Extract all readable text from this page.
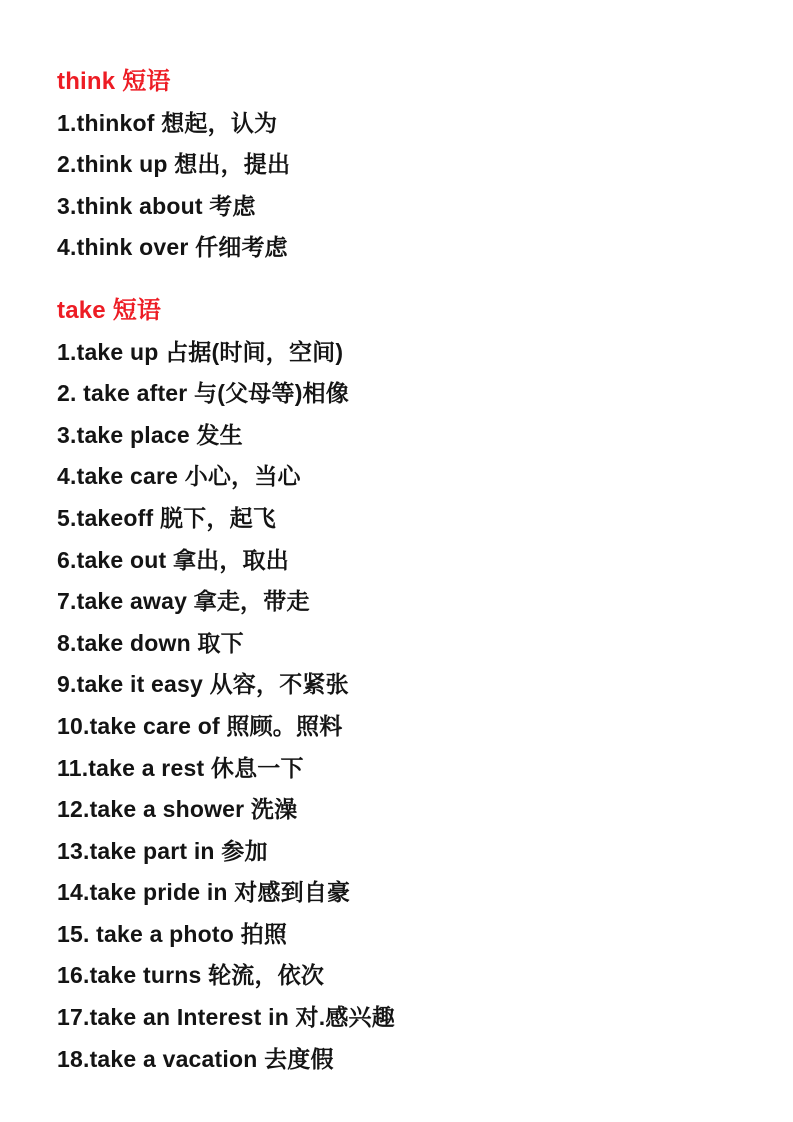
think 短语
1.thinkof 想起，认为
2.think up 想出，提出
3.think about 考虑
4.think over 仟细考虑
take 短语
1.take up 占据(时间，空间)
2. take after 与(父母等)相像
3.take place 发生
4.take care 小心，当心
5.takeoff 脱下，起飞
6.take out 拿出，取出
7.take away 拿走，带走
8.take down 取下
9.take it easy 从容，不紧张
10.take care of 照顾。照料
11.take a rest 休息一下
12.take a shower 洗澡
13.take part in 参加
14.take pride in 对感到自豪
15. take a photo 拍照
16.take turns 轮流，依次
17.take an Interest in 对.感兴趣
18.take a vacation 去度假
